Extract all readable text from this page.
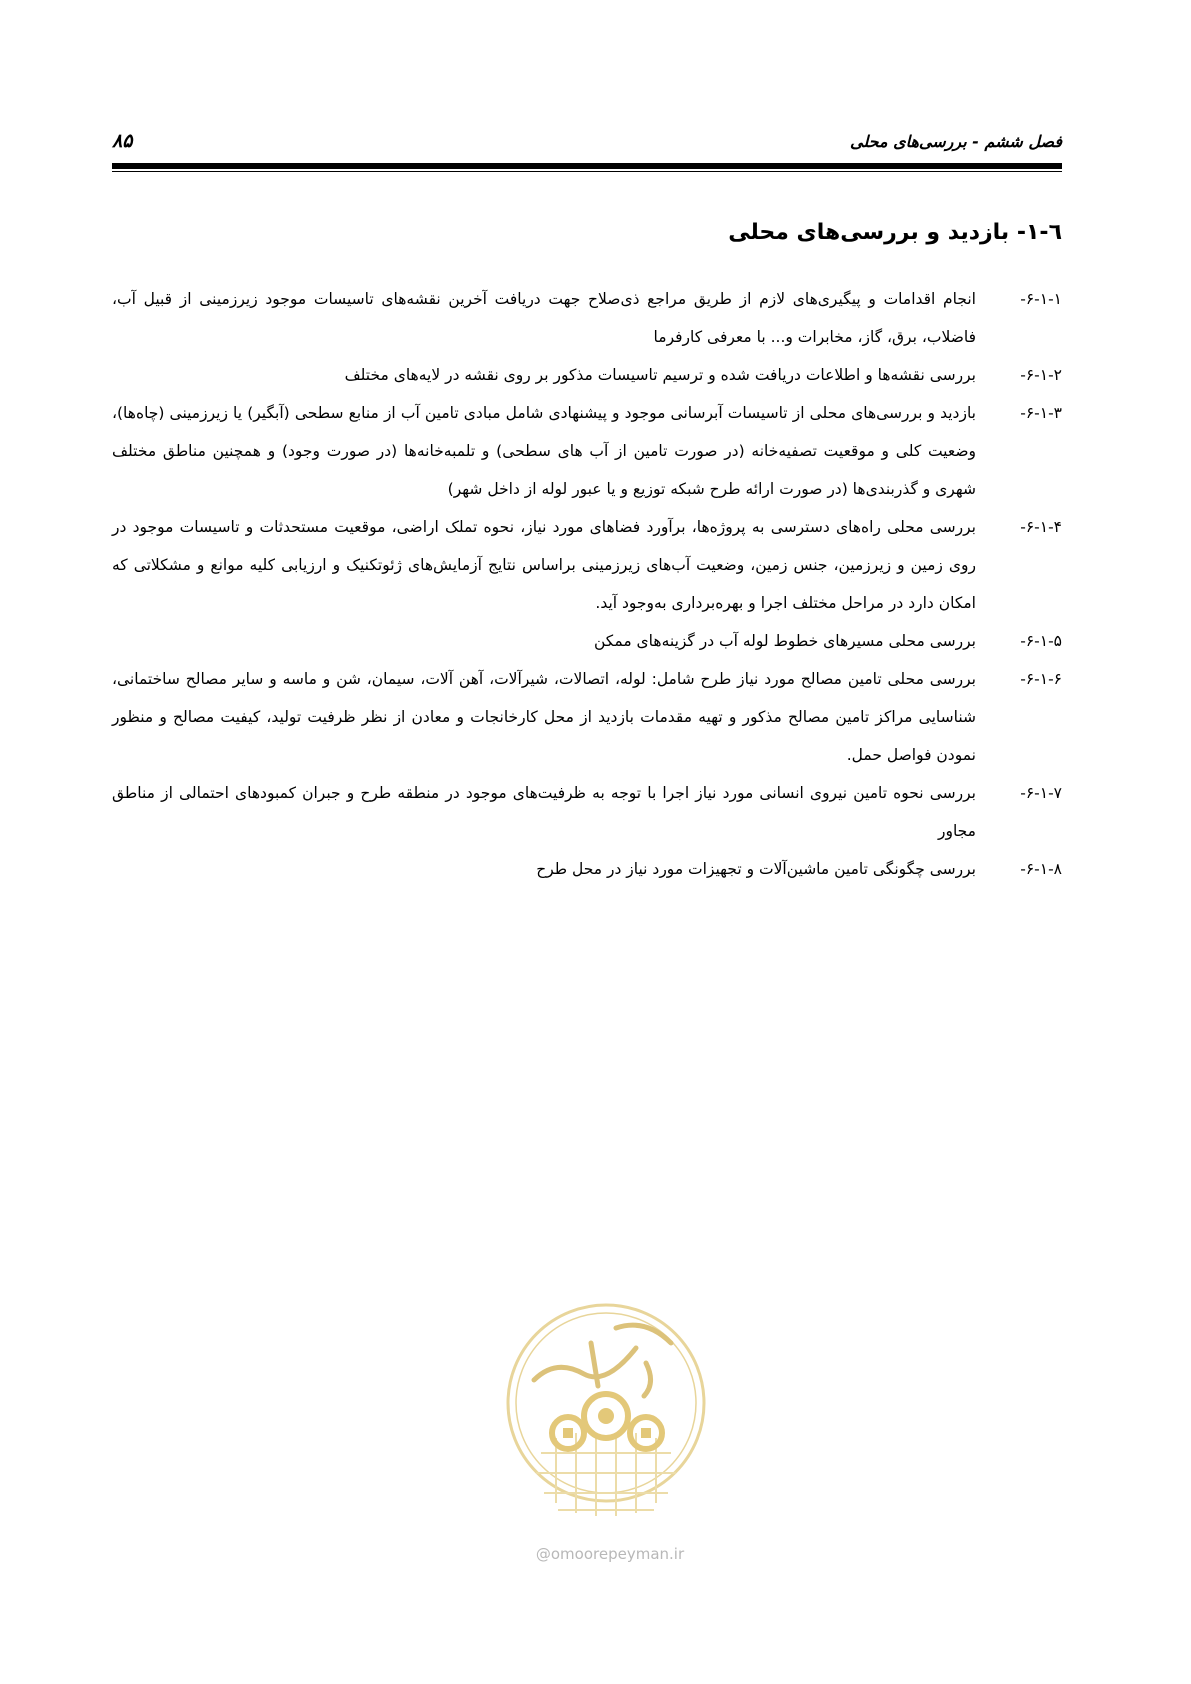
فصل ششم - بررسی‌های محلی
۸۵
٦-١- بازدید و بررسی‌های محلی
۶-۱-۱-
انجام اقدامات و پیگیری‌های لازم از طریق مراجع ذی‌صلاح جهت دریافت آخرین نقشه‌های تاسیسات موجود زیرزمینی از قبیل آب، فاضلاب، برق، گاز، مخابرات و... با معرفی کارفرما
۶-۱-۲-
بررسی نقشه‌ها و اطلاعات دریافت شده و ترسیم تاسیسات مذکور بر روی نقشه در لایه‌های مختلف
۶-۱-۳-
بازدید و بررسی‌های محلی از تاسیسات آبرسانی موجود و پیشنهادی شامل مبادی تامین آب از منابع سطحی (آبگیر) یا زیرزمینی (چاه‌ها)، وضعیت کلی و موقعیت تصفیه‌خانه (در صورت تامین از آب های سطحی) و تلمبه‌خانه‌ها (در صورت وجود) و همچنین مناطق مختلف شهری و گذربندی‌ها (در صورت ارائه طرح شبکه توزیع و یا عبور لوله از داخل شهر)
۶-۱-۴-
بررسی محلی راه‌های دسترسی به پروژه‌ها، برآورد فضاهای مورد نیاز، نحوه تملک اراضی، موقعیت مستحدثات و تاسیسات موجود در روی زمین و زیرزمین، جنس زمین، وضعیت آب‌های زیرزمینی براساس نتایج آزمایش‌های ژئوتکنیک و ارزیابی کلیه موانع و مشکلاتی که امکان دارد در مراحل مختلف اجرا و بهره‌برداری به‌وجود آید.
۶-۱-۵-
بررسی محلی مسیرهای خطوط لوله آب در گزینه‌های ممکن
۶-۱-۶-
بررسی محلی تامین مصالح مورد نیاز طرح شامل: لوله، اتصالات، شیرآلات، آهن آلات، سیمان، شن و ماسه و سایر مصالح ساختمانی، شناسایی مراکز تامین مصالح مذکور و تهیه مقدمات بازدید از محل کارخانجات و معادن از نظر ظرفیت تولید، کیفیت مصالح و منظور نمودن فواصل حمل.
۶-۱-۷-
بررسی نحوه تامین نیروی انسانی مورد نیاز اجرا با توجه به ظرفیت‌های موجود در منطقه طرح و جبران کمبودهای احتمالی از مناطق مجاور
۶-۱-۸-
بررسی چگونگی تامین ماشین‌آلات و تجهیزات مورد نیاز در محل طرح
@omoorepeyman.ir
